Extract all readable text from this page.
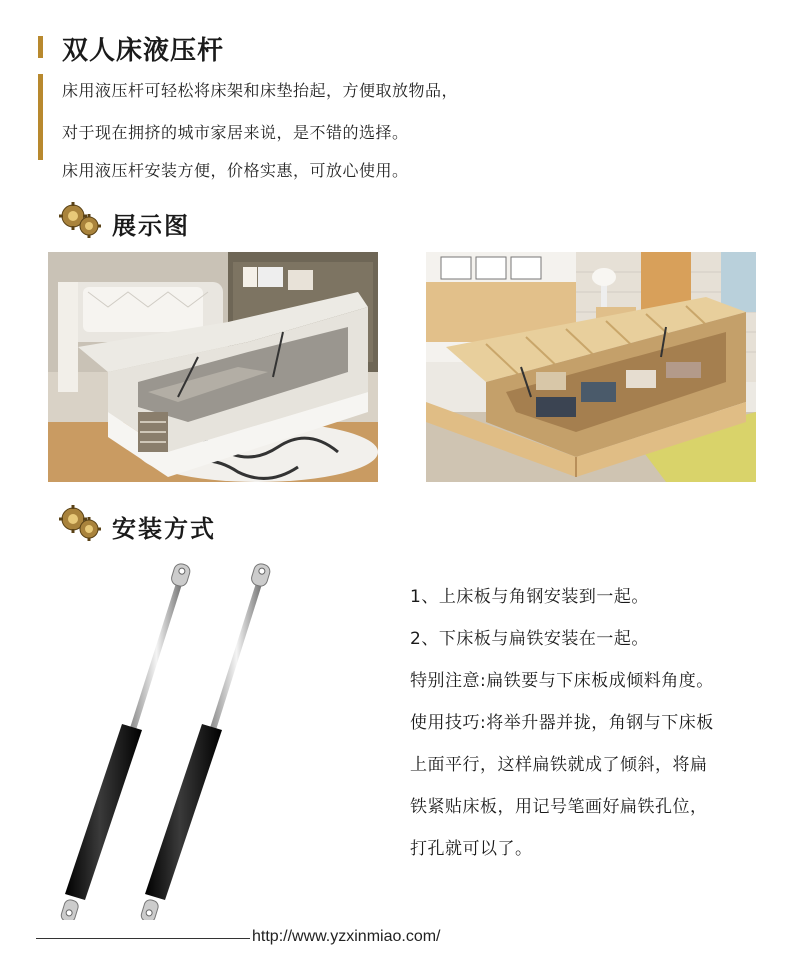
双人床液压杆
床用液压杆可轻松将床架和床垫抬起，方便取放物品，
对于现在拥挤的城市家居来说，是不错的选择。
床用液压杆安装方便，价格实惠，可放心使用。
展示图
安装方式
1、上床板与角钢安装到一起。
2、下床板与扁铁安装在一起。
特别注意:扁铁要与下床板成倾料角度。
使用技巧:将举升器并拢，角钢与下床板
上面平行，这样扁铁就成了倾斜，将扁
铁紧贴床板，用记号笔画好扁铁孔位，
打孔就可以了。
http://www.yzxinmiao.com/
